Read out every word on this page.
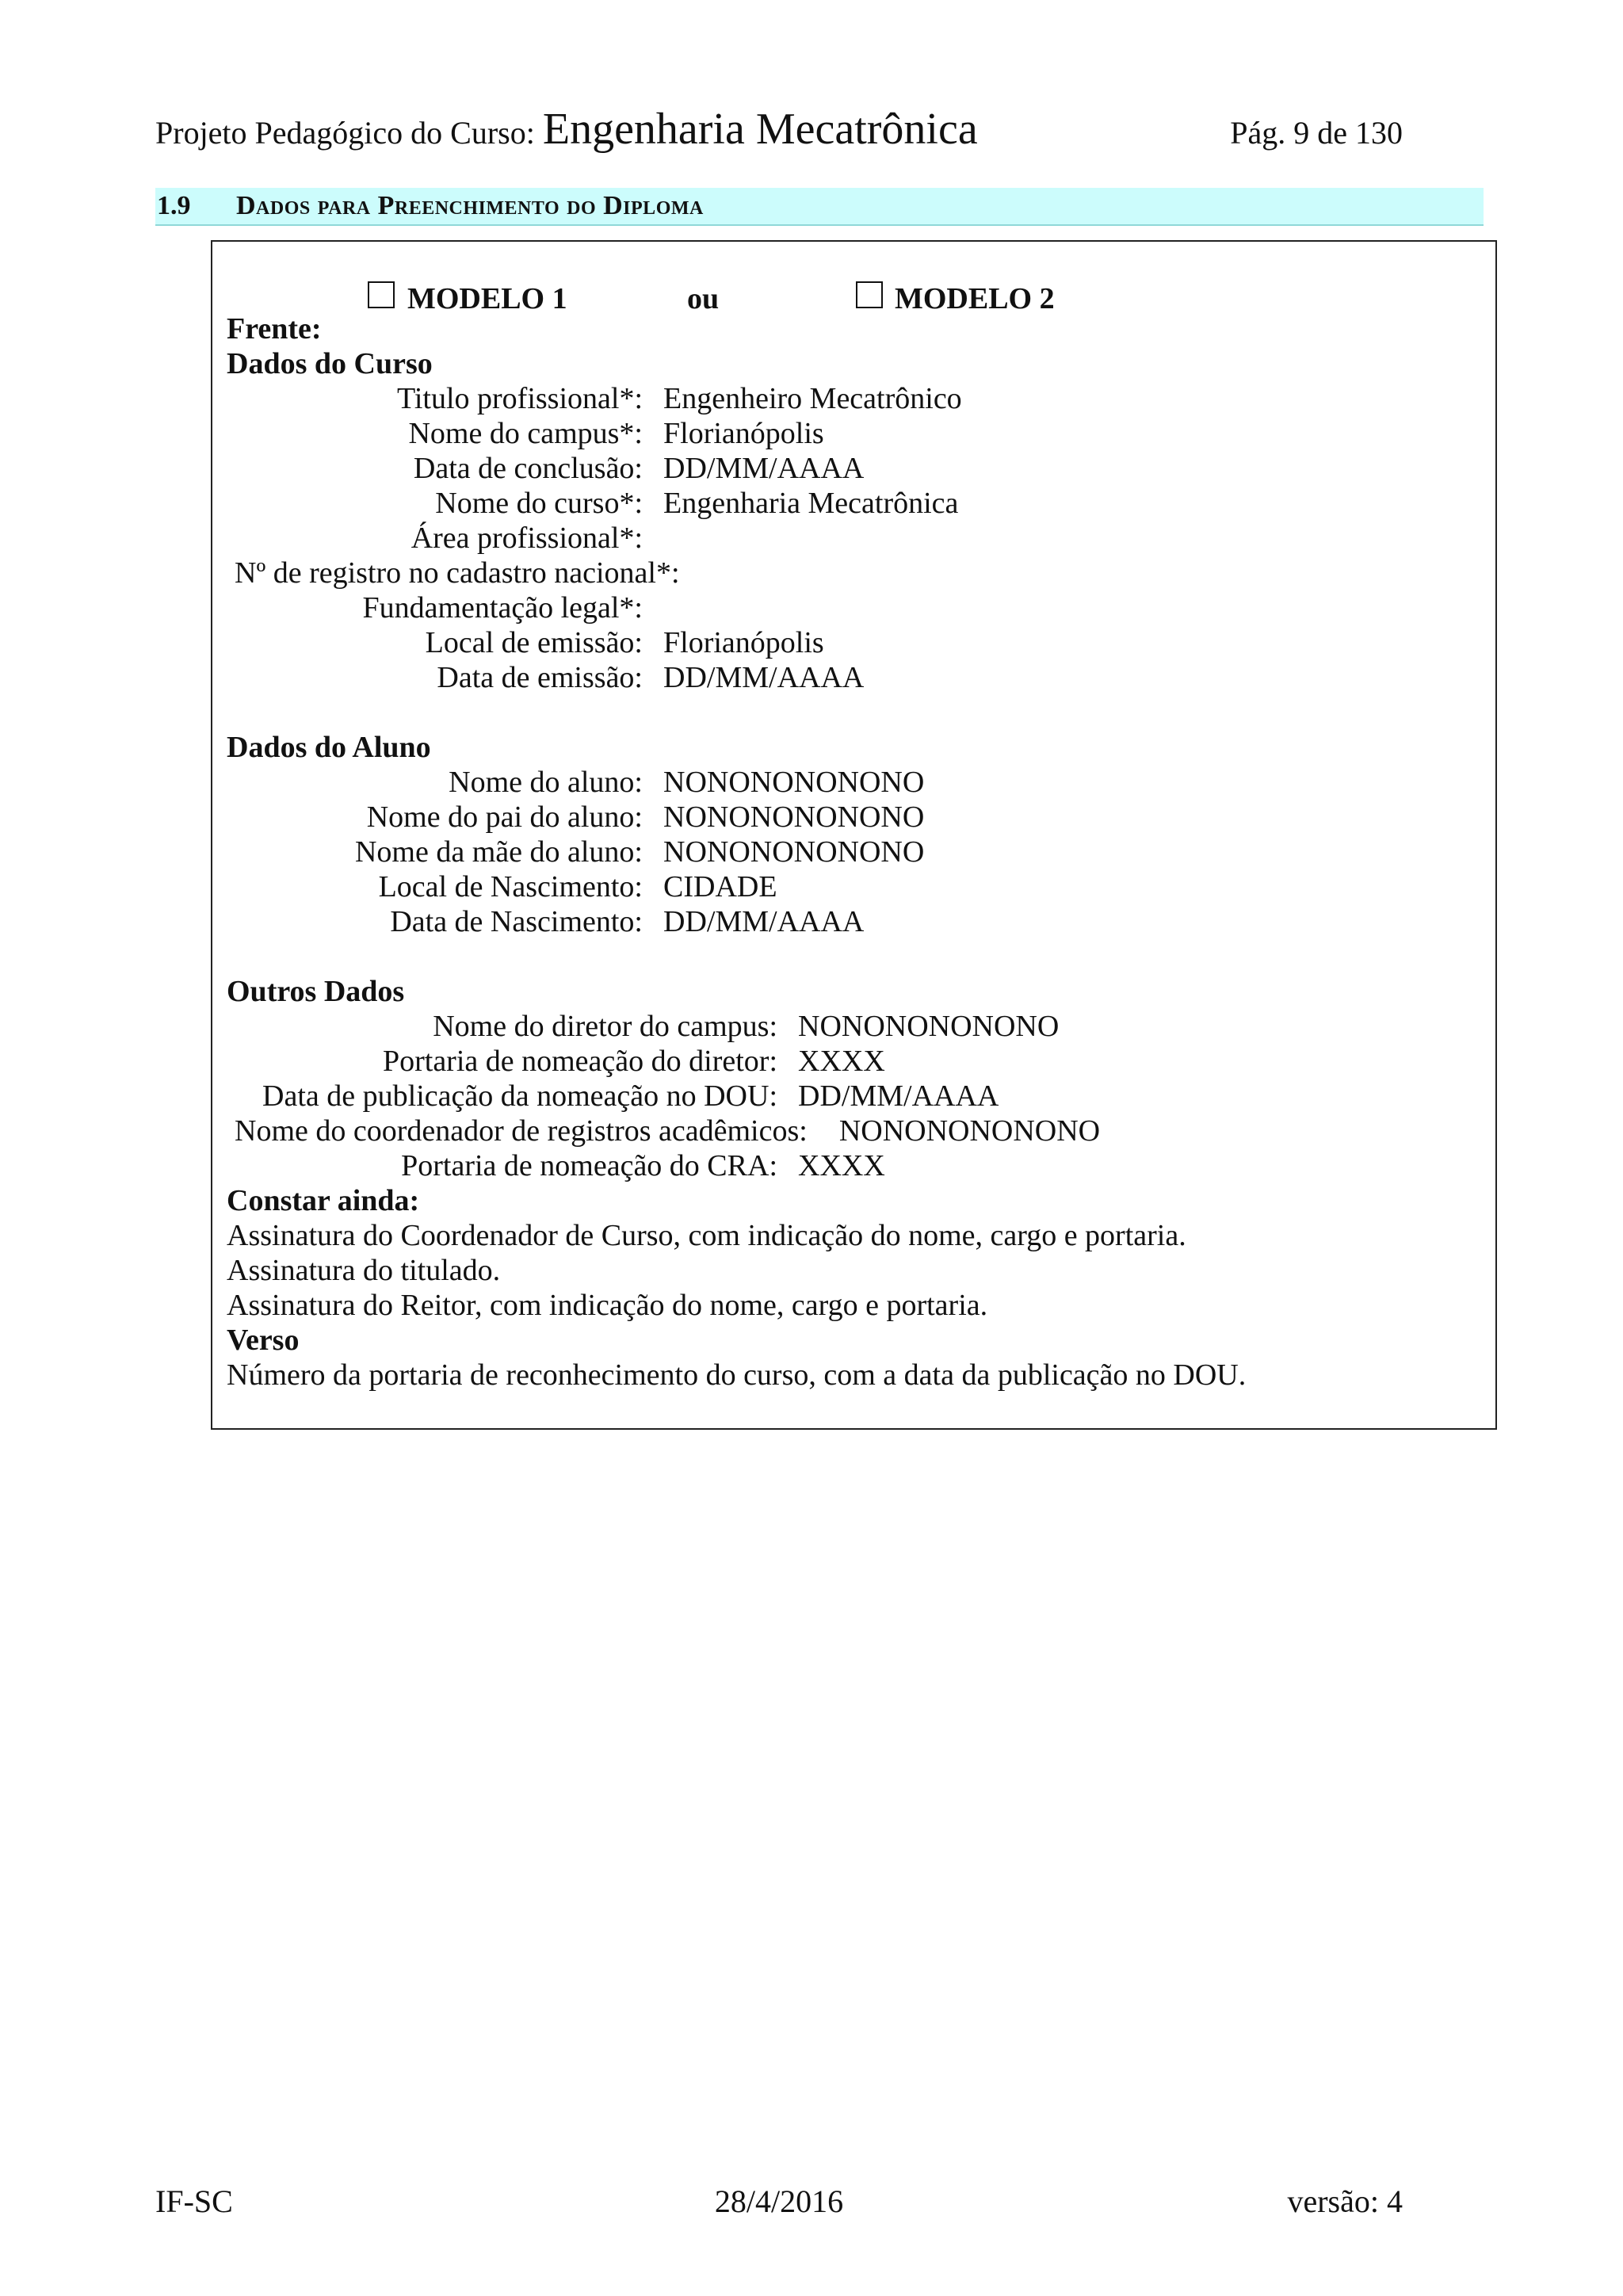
Projeto Pedagógico do Curso: Engenharia Mecatrônica	Pág. 9 de 130
1.9 Dados para Preenchimento do Diploma
MODELO 1	ou	MODELO 2
Frente:
Dados do Curso
Titulo profissional*: Engenheiro Mecatrônico
Nome do campus*: Florianópolis
Data de conclusão: DD/MM/AAAA
Nome do curso*: Engenharia Mecatrônica
Área profissional*:
Nº de registro no cadastro nacional*:
Fundamentação legal*:
Local de emissão: Florianópolis
Data de emissão: DD/MM/AAAA
Dados do Aluno
Nome do aluno: NONONONONONO
Nome do pai do aluno: NONONONONONO
Nome da mãe do aluno: NONONONONONO
Local de Nascimento: CIDADE
Data de Nascimento: DD/MM/AAAA
Outros Dados
Nome do diretor do campus: NONONONONONO
Portaria de nomeação do diretor: XXXX
Data de publicação da nomeação no DOU: DD/MM/AAAA
Nome do coordenador de registros acadêmicos: NONONONONONO
Portaria de nomeação do CRA: XXXX
Constar ainda:
Assinatura do Coordenador de Curso, com indicação do nome, cargo e portaria.
Assinatura do titulado.
Assinatura do Reitor, com indicação do nome, cargo e portaria.
Verso
Número da portaria de reconhecimento do curso, com a data da publicação no DOU.
IF-SC	28/4/2016	versão: 4
